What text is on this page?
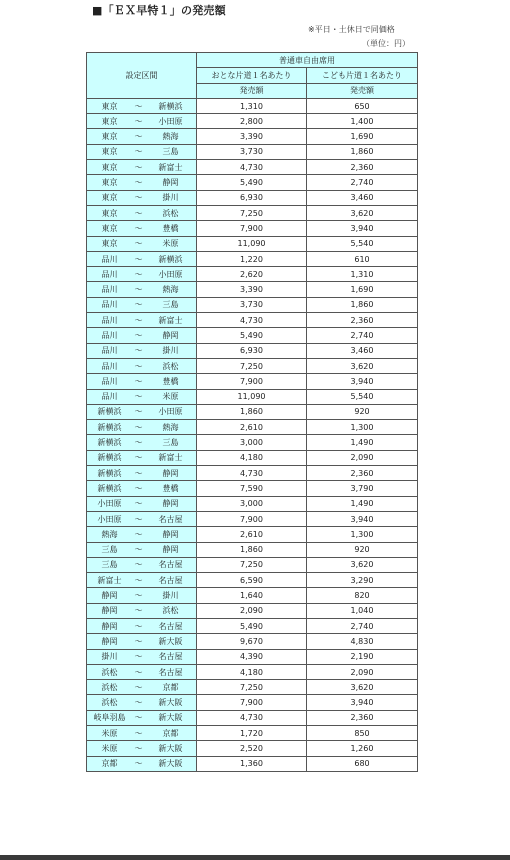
■「ＥＸ早特１」の発売額
※平日・土休日で同価格
（単位：円）
設定区間	普通車自由席用	
	おとな片道１名あたり	こども片道１名あたり
	発売額	発売額
東京 〜 新横浜	1,310	650
東京 〜 小田原	2,800	1,400
東京 〜 熱海	3,390	1,690
東京 〜 三島	3,730	1,860
東京 〜 新富士	4,730	2,360
東京 〜 静岡	5,490	2,740
東京 〜 掛川	6,930	3,460
東京 〜 浜松	7,250	3,620
東京 〜 豊橋	7,900	3,940
東京 〜 米原	11,090	5,540
品川 〜 新横浜	1,220	610
品川 〜 小田原	2,620	1,310
品川 〜 熱海	3,390	1,690
品川 〜 三島	3,730	1,860
品川 〜 新富士	4,730	2,360
品川 〜 静岡	5,490	2,740
品川 〜 掛川	6,930	3,460
品川 〜 浜松	7,250	3,620
品川 〜 豊橋	7,900	3,940
品川 〜 米原	11,090	5,540
新横浜 〜 小田原	1,860	920
新横浜 〜 熱海	2,610	1,300
新横浜 〜 三島	3,000	1,490
新横浜 〜 新富士	4,180	2,090
新横浜 〜 静岡	4,730	2,360
新横浜 〜 豊橋	7,590	3,790
小田原 〜 静岡	3,000	1,490
小田原 〜 名古屋	7,900	3,940
熱海 〜 静岡	2,610	1,300
三島 〜 静岡	1,860	920
三島 〜 名古屋	7,250	3,620
新富士 〜 名古屋	6,590	3,290
静岡 〜 掛川	1,640	820
静岡 〜 浜松	2,090	1,040
静岡 〜 名古屋	5,490	2,740
静岡 〜 新大阪	9,670	4,830
掛川 〜 名古屋	4,390	2,190
浜松 〜 名古屋	4,180	2,090
浜松 〜 京都	7,250	3,620
浜松 〜 新大阪	7,900	3,940
岐阜羽島 〜 新大阪	4,730	2,360
米原 〜 京都	1,720	850
米原 〜 新大阪	2,520	1,260
京都 〜 新大阪	1,360	680
